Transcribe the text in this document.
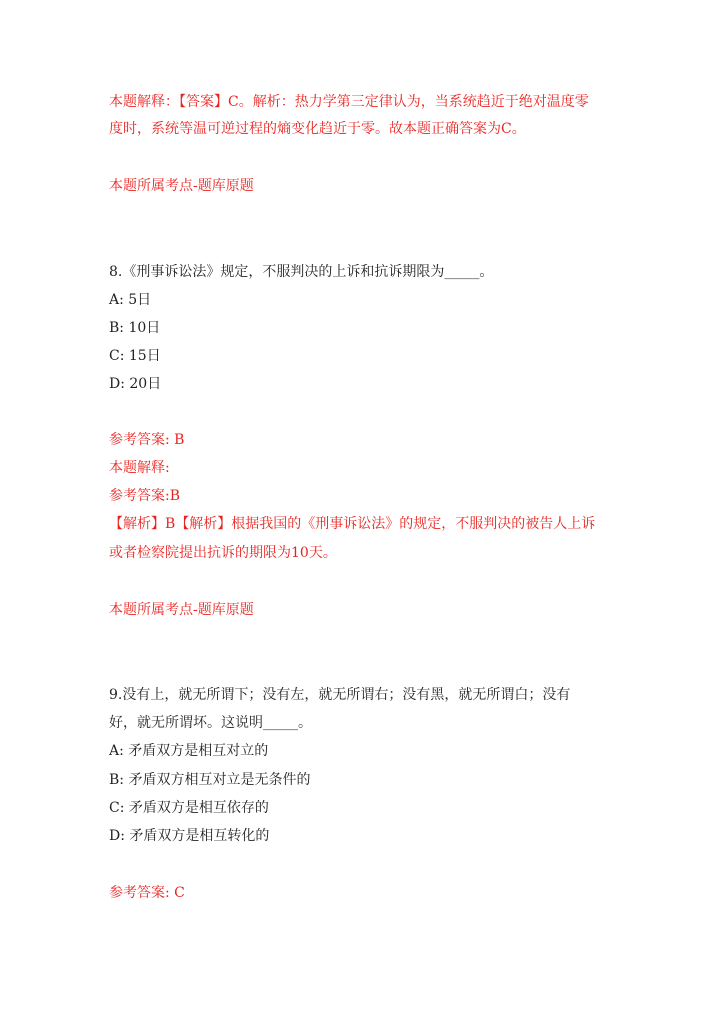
本题解释：【答案】C。解析：热力学第三定律认为，当系统趋近于绝对温度零
度时，系统等温可逆过程的熵变化趋近于零。故本题正确答案为C。
本题所属考点-题库原题
8.《刑事诉讼法》规定，不服判决的上诉和抗诉期限为_____。
A: 5日
B: 10日
C: 15日
D: 20日
参考答案: B
本题解释:
参考答案:B
【解析】B【解析】根据我国的《刑事诉讼法》的规定，不服判决的被告人上诉
或者检察院提出抗诉的期限为10天。
本题所属考点-题库原题
9.没有上，就无所谓下；没有左，就无所谓右；没有黑，就无所谓白；没有
好，就无所谓坏。这说明_____。
A: 矛盾双方是相互对立的
B: 矛盾双方相互对立是无条件的
C: 矛盾双方是相互依存的
D: 矛盾双方是相互转化的
参考答案: C
